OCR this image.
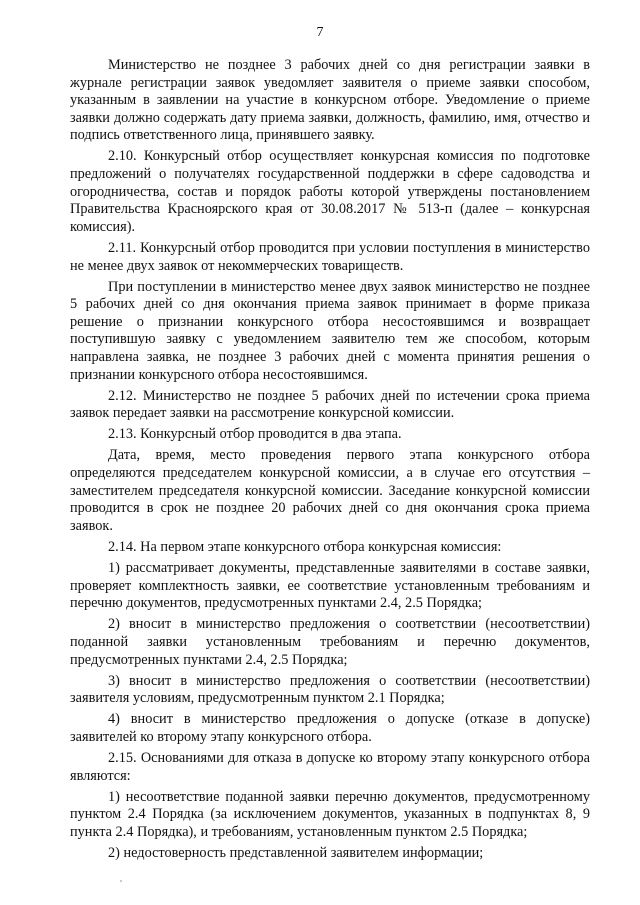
7

Министерство не позднее 3 рабочих дней со дня регистрации заявки в журнале регистрации заявок уведомляет заявителя о приеме заявки способом, указанным в заявлении на участие в конкурсном отборе. Уведомление о приеме заявки должно содержать дату приема заявки, должность, фамилию, имя, отчество и подпись ответственного лица, принявшего заявку.

2.10. Конкурсный отбор осуществляет конкурсная комиссия по подготовке предложений о получателях государственной поддержки в сфере садоводства и огородничества, состав и порядок работы которой утверждены постановлением Правительства Красноярского края от 30.08.2017 № 513-п (далее – конкурсная комиссия).

2.11. Конкурсный отбор проводится при условии поступления в министерство не менее двух заявок от некоммерческих товариществ.

При поступлении в министерство менее двух заявок министерство не позднее 5 рабочих дней со дня окончания приема заявок принимает в форме приказа решение о признании конкурсного отбора несостоявшимся и возвращает поступившую заявку с уведомлением заявителю тем же способом, которым направлена заявка, не позднее 3 рабочих дней с момента принятия решения о признании конкурсного отбора несостоявшимся.

2.12. Министерство не позднее 5 рабочих дней по истечении срока приема заявок передает заявки на рассмотрение конкурсной комиссии.

2.13. Конкурсный отбор проводится в два этапа.

Дата, время, место проведения первого этапа конкурсного отбора определяются председателем конкурсной комиссии, а в случае его отсутствия – заместителем председателя конкурсной комиссии. Заседание конкурсной комиссии проводится в срок не позднее 20 рабочих дней со дня окончания срока приема заявок.

2.14. На первом этапе конкурсного отбора конкурсная комиссия:

1) рассматривает документы, представленные заявителями в составе заявки, проверяет комплектность заявки, ее соответствие установленным требованиям и перечню документов, предусмотренных пунктами 2.4, 2.5 Порядка;

2) вносит в министерство предложения о соответствии (несоответствии) поданной заявки установленным требованиям и перечню документов, предусмотренных пунктами 2.4, 2.5 Порядка;

3) вносит в министерство предложения о соответствии (несоответствии) заявителя условиям, предусмотренным пунктом 2.1 Порядка;

4) вносит в министерство предложения о допуске (отказе в допуске) заявителей ко второму этапу конкурсного отбора.

2.15. Основаниями для отказа в допуске ко второму этапу конкурсного отбора являются:

1) несоответствие поданной заявки перечню документов, предусмотренному пунктом 2.4 Порядка (за исключением документов, указанных в подпунктах 8, 9 пункта 2.4 Порядка), и требованиям, установленным пунктом 2.5 Порядка;

2) недостоверность представленной заявителем информации;
